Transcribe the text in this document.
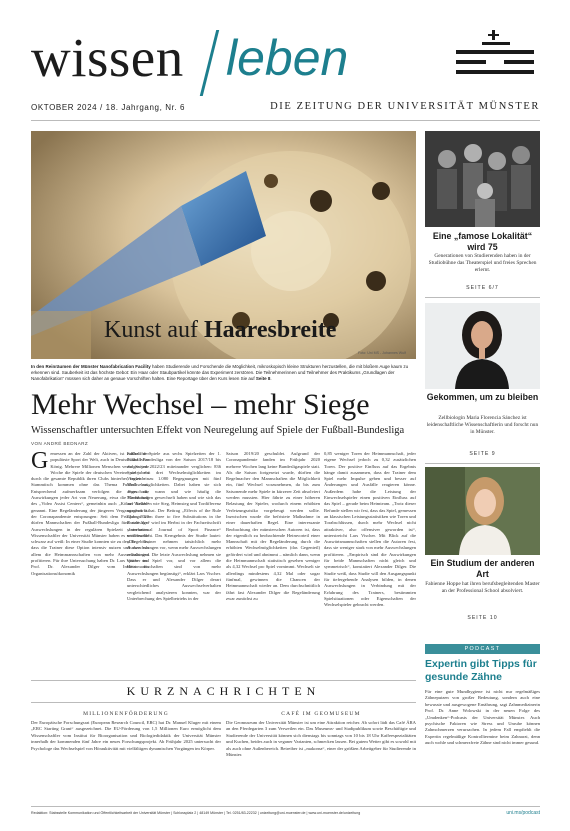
wissen leben
OKTOBER 2024 / 18. Jahrgang, Nr. 6	DIE ZEITUNG DER UNIVERSITÄT MÜNSTER
Kunst auf Haaresbreite
Foto: Uni MS - Johannes Wulf
In den Reinräumen der Münster Nanofabrication Facility haben Studierende und Forschende die Möglichkeit, mikroskopisch kleine Strukturen herzustellen, die mit bloßem Auge kaum zu erkennen sind. Sauberkeit ist das höchste Gebot: Ein Haar oder Staubpartikel könnte das Experiment zerstören. Die Teilnehmerinnen und Teilnehmer des Praktikums „Grundlagen der Nanofabrikation“ müssen sich daher an genaue Vorschriften halten. Eine Reportage über den Kurs lesen Sie auf Seite 8.
Mehr Wechsel – mehr Siege
Wissenschaftler untersuchten Effekt von Neuregelung auf Spiele der Fußball-Bundesliga
VON ANDRÉ BEDNARZ
Gemessen an der Zahl der Aktiven, ist Fußball der populärste Sport der Welt, auch in Deutschland ist er König. Mehrere Millionen Menschen verfolgen jede Woche die Spiele der deutschen Vereine, sie jubeln durch die gesamte Republik ihren Clubs hinterher, lassen ein Stammtisch kommen ohne das Thema Fußball aus. Entsprechend aufmerksam verfolgen die Fans die Auswirkungen jeder Art von Neuerung, etwa die Einführung des „Video Assist Centers“, gemeinhin auch „Kölner Keller“ genannt. Eine Regeländerung der jüngeren Vergangenheit ist der Coronapandemie entsprungen: Seit dem Frühjahr 2020 dürfen Mannschaften der Fußball-Bundesliga fünf statt drei Auswechslungen in der regulären Spielzeit vornehmen. Wissenschaftler der Universität Münster haben es mittlerweile schwarz auf weiß: In einer Studie konnten sie zu dem Ergebnis, dass die Trainer diese Option intensiv nutzen und dass vor allem die Heimmannschaften von mehr Auswechslungen profitieren. Für ihre Untersuchung haben Dr. Lars Vischer und Prof. Dr. Alexander Dilger vom Institut für Organisationsökonomik
zahlreiche Spiele aus sechs Spielzeiten der 1. Fußball-Bundesliga von der Saison 2017/18 bis zur Saison 2022/23 miteinander verglichen: 836 Spiele mit drei Wechselmöglichkeiten im Vergleich zu 1.080 Begegnungen mit fünf Wechselmöglichkeiten. Dabei haben sie sich angeschaut, wann und wie häufig die Mannschaften gewechselt haben und wie sich das auf Variablen wie Sieg, Heimsieg und Tordifferenz ausgewirkt hat. Der Beitrag „Effects of the Rule Change from three to five Substitutions in the Bundesliga“ wird im Herbst in der Fachzeitschrift „International Journal of Sport Finance“ veröffentlicht. Das Kerngebnis der Studie lautet: „Die Trainer nehmen tatsächlich mehr Auswechslungen vor, wenn mehr Auswechslungen erlaubt sind. Die letzte Auswechslung nehmen sie später im Spiel vor, und vor allem die Heimmannschaften sind von mehr Auswechslungen begünstigt“, erklärt Lars Vischer. Dass er und Alexander Dilger derart unterschiedliches Auswechselverhalten vergleichend analysieren konnten, war der Unterbrechung des Spielbetriebs in der
Saison 2019/20 geschuldet. Aufgrund der Coronapandemie fanden im Frühjahr 2020 mehrere Wochen lang keine Bundesligaspiele statt. Als die Saison fortgesetzt wurde, dürften die Regelmacher den Mannschaften die Möglichkeit ein, fünf Wechsel vorzunehmen, da bis zum Saisonende mehr Spiele in kürzerer Zeit absolviert werden mussten. Hier fährte zu einer höheren Belastung der Spieler, wodurch einem erhöhten Verletzungsrisiko vorgebeugt werden sollte. Inzwischen wurde die befristete Maßnahme in einer dauerhaften Regel. Eine interessante Beobachtung der münsterschen Autoren ist, dass der eigentlich zu beobachtende Heimvorteil einer Mannschaft mit der Regeländerung durch die erhöhten Wechselmöglichkeiten (das Gegenteil) gefördert wird und abnimmt – nämlich dann, wenn die Heimmannschaft statistisch gesehen weniger als 4,32 Wechsel pro Spiel vornimmt. Wechselt sie allerdings mindestens 4,32 Mal oder sogar fünfmal, gewinnen die Chancen der Heimmannschaft wieder an. Dem durchschnittlich fährt fast Alexander Dilger die Regeländerung zwar zunächst zu
0,85 weniger Toren der Heimmannschaft, jeder eigene Wechsel jedoch zu 0,32 zusätzlichen Toren. Der positive Einfluss auf das Ergebnis hänge damit zusammen, dass der Trainer dem Spiel mehr Impulse geben und besser auf Änderungen und Ausfälle reagieren könne. Außerdem habe die Leistung der Einwechselspieler einen positiven Einfluss auf das Spiel – gerade beim Heimteam. „Trotz dieser Befunde stellen wir fest, dass das Spiel, gemessen an klassischen Leistungsstatistiken wie Toren und Torabschlüssen, durch mehr Wechsel nicht attraktiver, also offensiver geworden ist“, unterstreicht Lars Vischer. Mit Blick auf die Auswärtsmannschaften stellen die Autoren fest, dass sie weniger stark von mehr Auswechslungen profitieren. „Empirisch sind die Auswirkungen für beide Mannschaften nicht gleich und symmetrisch“, konstatiert Alexander Dilger. Die Studie weiß, dass Studie will den Ausgangspunkt für tiefergehende Analysen bilden, in denen Auswechslungen in Verbindung mit der Erfahrung des Trainers, bestimmten Spielsituationen oder Eigenschaften der Wechselspieler gebracht werden.
KURZNACHRICHTEN
MILLIONENFÖRDERUNG
Der Europäische Forschungsrat (European Research Council, ERC) hat Dr. Manuel Kluger mit einem „ERC Starting Grant“ ausgezeichnet. Die EU-Förderung von 1,5 Millionen Euro ermöglicht dem Wissenschaftler vom Institut für Bioorganisation und Biologiedidaktik der Universität Münster innerhalb der kommenden fünf Jahre ein neues Forschungsprojekt. Ab Frühjahr 2025 untersucht der Psychologe das Wechselspiel von Hörauktivität mit vielfältigen dynamischen Vorgängen im Körper.
CAFÉ IM GEOMUSEUM
Die Geomuseum der Universität Münster ist um eine Attraktion reicher. Ab sofort lädt das Café ÄRA an den Pferdegarten 3 zum Verweilen ein. Das Museums- und Stadtpublikum sowie Beschäftigte und Studierende der Universität können sich dienstags bis sonntags von 10 bis 18 Uhr Kaffeespezialitäten und Kuchen, beides auch in veganer Varianten, schmecken lassen. Bei gutem Wetter gibt es sowohl mit als auch ohne Außenbereich. Betreiber ist „makorna“, einer der größten Arbeitgeber für Studierende in Münster.
Eine „famose Lokalität“ wird 75
Generationen von Studierenden haben in der Studiobühne das Theaterspiel und freies Sprechen erlernt.
SEITE 6/7
Gekommen, um zu bleiben
Zellbiologin Maria Florencia Sánchez ist leidenschaftliche Wissenschaftlerin und forscht nun in Münster.
SEITE 9
Ein Studium der anderen Art
Fabienne Hoppe hat ihren berufsbegleitenden Master an der Professional School absolviert.
SEITE 10
PODCAST
Expertin gibt Tipps für gesunde Zähne
Für eine gute Mundhygiene ist nicht nur regelmäßiges Zähneputzen von großer Bedeutung, sondern auch eine bewusste und ausgewogene Ernährung, sagt Zahnmedizinerin Prof. Dr. Anne Wolowski in der neuen Folge des „Umdenken“-Podcasts der Universität Münster. Auch psychische Faktoren wie Stress und Unruhe können Zahnschmerzen verursachen. In jedem Fall empfiehlt die Expertin regelmäßige Kontrolltermine beim Zahnarzt, denn auch wohle und schmerzfreie Zähne sind nicht immer gesund.
uni.ms/podcast
Redaktion: Stabsstelle Kommunikation und Öffentlichkeitsarbeit der Universität Münster | Schlossplatz 2 | 48149 Münster | Tel. 0251/83-22232 | unizeitung@uni-muenster.de | www.uni-muenster.de/unizeitung
